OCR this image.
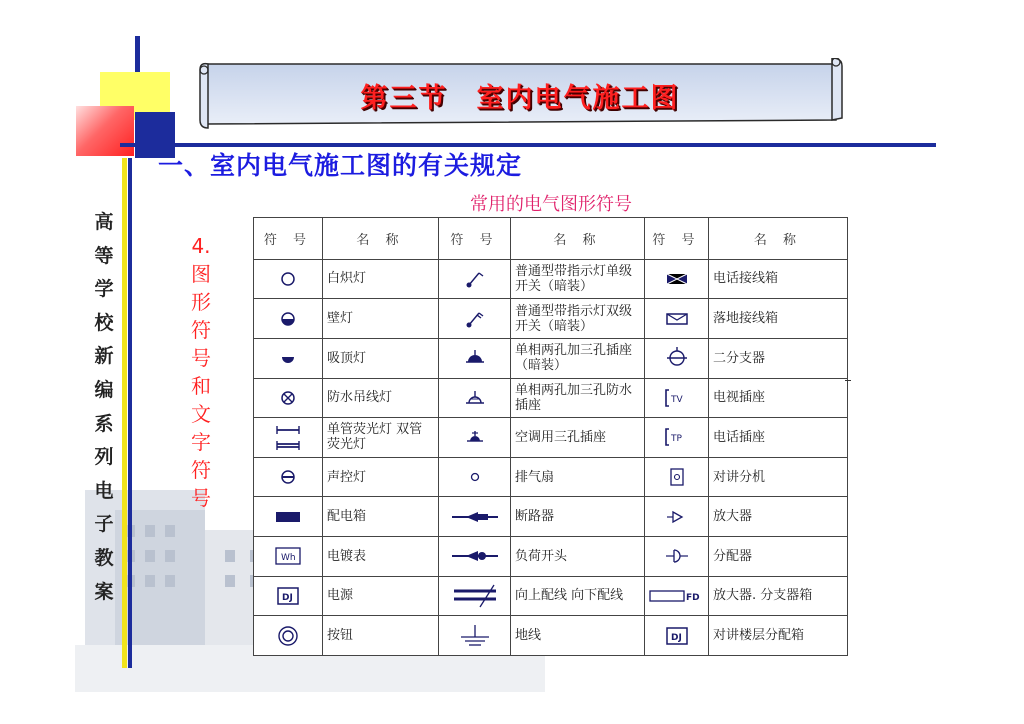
第三节　室内电气施工图
一、室内电气施工图的有关规定
高等学校新编系列电子教案
4.图形符号和文字符号
常用的电气图形符号
符 号	名 称	符 号	名 称	符 号	名 称

	白炽灯		普通型带指示灯单级开关（暗装）		电话接线箱

	壁灯		普通型带指示灯双级开关（暗装）		落地接线箱

	吸顶灯		单相两孔加三孔插座（暗装）		二分支器

	防水吊线灯		单相两孔加三孔防水插座	TV	电视插座

	单管荧光灯 双管荧光灯		空调用三孔插座	TP	电话插座

	声控灯		排气扇		对讲分机

	配电箱		断路器		放大器

Wh	电镀表		负荷开头		分配器

DJ	电源		向上配线 向下配线	FD	放大器. 分支器箱

	按钮		地线	DJ	对讲楼层分配箱
